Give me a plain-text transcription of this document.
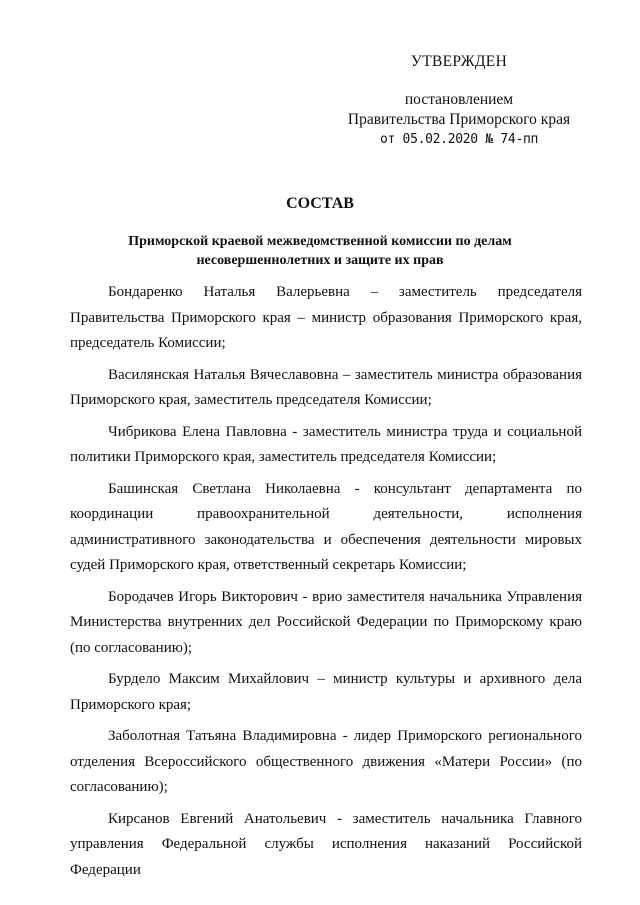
УТВЕРЖДЕН
постановлением
Правительства Приморского края
от 05.02.2020 № 74-пп
СОСТАВ
Приморской краевой межведомственной комиссии по делам
несовершеннолетних и защите их прав

Бондаренко Наталья Валерьевна – заместитель председателя Правительства Приморского края – министр образования Приморского края, председатель Комиссии;

Василянская Наталья Вячеславовна – заместитель министра образования Приморского края, заместитель председателя Комиссии;

Чибрикова Елена Павловна - заместитель министра труда и социальной политики Приморского края, заместитель председателя Комиссии;

Башинская Светлана Николаевна - консультант департамента по координации правоохранительной деятельности, исполнения административного законодательства и обеспечения деятельности мировых судей Приморского края, ответственный секретарь Комиссии;

Бородачев Игорь Викторович - врио заместителя начальника Управления Министерства внутренних дел Российской Федерации по Приморскому краю (по согласованию);

Бурдело Максим Михайлович – министр культуры и архивного дела Приморского края;

Заболотная Татьяна Владимировна - лидер Приморского регионального отделения Всероссийского общественного движения «Матери России» (по согласованию);

Кирсанов Евгений Анатольевич - заместитель начальника Главного управления Федеральной службы исполнения наказаний Российской Федерации
